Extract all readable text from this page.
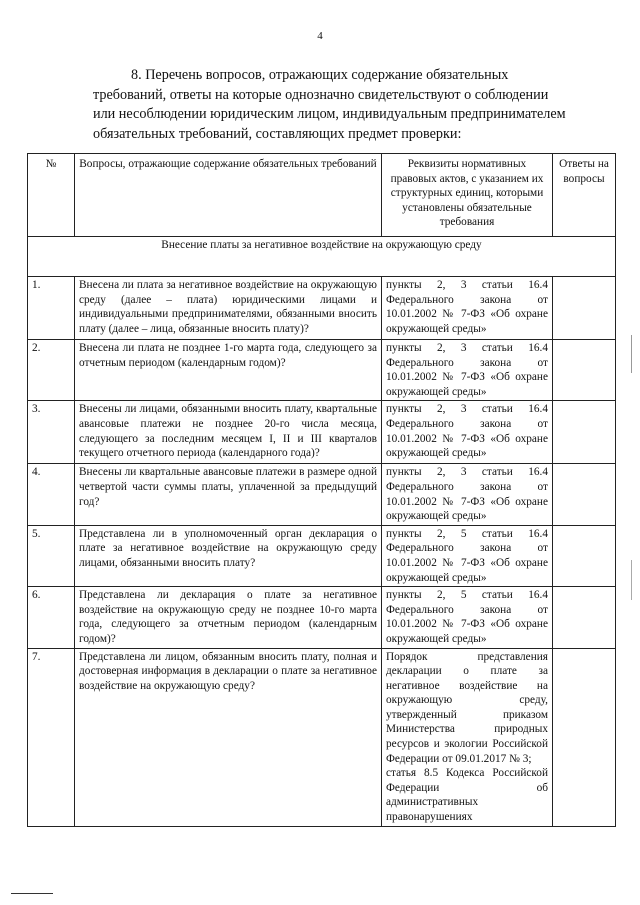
4
8. Перечень вопросов, отражающих содержание обязательных
требований, ответы на которые однозначно свидетельствуют о соблюдении
или несоблюдении юридическим лицом, индивидуальным предпринимателем
обязательных требований, составляющих предмет проверки:
№	Вопросы, отражающие содержание обязательных требований	Реквизиты нормативных правовых актов, с указанием их структурных единиц, которыми установлены обязательные требования	Ответы на вопросы
Внесение платы за негативное воздействие на окружающую среду			
1.	Внесена ли плата за негативное воздействие на окружающую среду (далее – плата) юридическими лицами и индивидуальными предпринимателями, обязанными вносить плату (далее – лица, обязанные вносить плату)?	пункты 2, 3 статьи 16.4 Федерального закона от 10.01.2002 № 7-ФЗ «Об охране окружающей среды»	
2.	Внесена ли плата не позднее 1-го марта года, следующего за отчетным периодом (календарным годом)?	пункты 2, 3 статьи 16.4 Федерального закона от 10.01.2002 № 7-ФЗ «Об охране окружающей среды»	
3.	Внесены ли лицами, обязанными вносить плату, квартальные авансовые платежи не позднее 20-го числа месяца, следующего за последним месяцем I, II и III кварталов текущего отчетного периода (календарного года)?	пункты 2, 3 статьи 16.4 Федерального закона от 10.01.2002 № 7-ФЗ «Об охране окружающей среды»	
4.	Внесены ли квартальные авансовые платежи в размере одной четвертой части суммы платы, уплаченной за предыдущий год?	пункты 2, 3 статьи 16.4 Федерального закона от 10.01.2002 № 7-ФЗ «Об охране окружающей среды»	
5.	Представлена ли в уполномоченный орган декларация о плате за негативное воздействие на окружающую среду лицами, обязанными вносить плату?	пункты 2, 5 статьи 16.4 Федерального закона от 10.01.2002 № 7-ФЗ «Об охране окружающей среды»	
6.	Представлена ли декларация о плате за негативное воздействие на окружающую среду не позднее 10-го марта года, следующего за отчетным периодом (календарным годом)?	пункты 2, 5 статьи 16.4 Федерального закона от 10.01.2002 № 7-ФЗ «Об охране окружающей среды»	
7.	Представлена ли лицом, обязанным вносить плату, полная и достоверная информация в декларации о плате за негативное воздействие на окружающую среду?	Порядок представления декларации о плате за негативное воздействие на окружающую среду, утвержденный приказом Министерства природных ресурсов и экологии Российской Федерации от 09.01.2017 № 3;
статья 8.5 Кодекса Российской Федерации об административных правонарушениях	
